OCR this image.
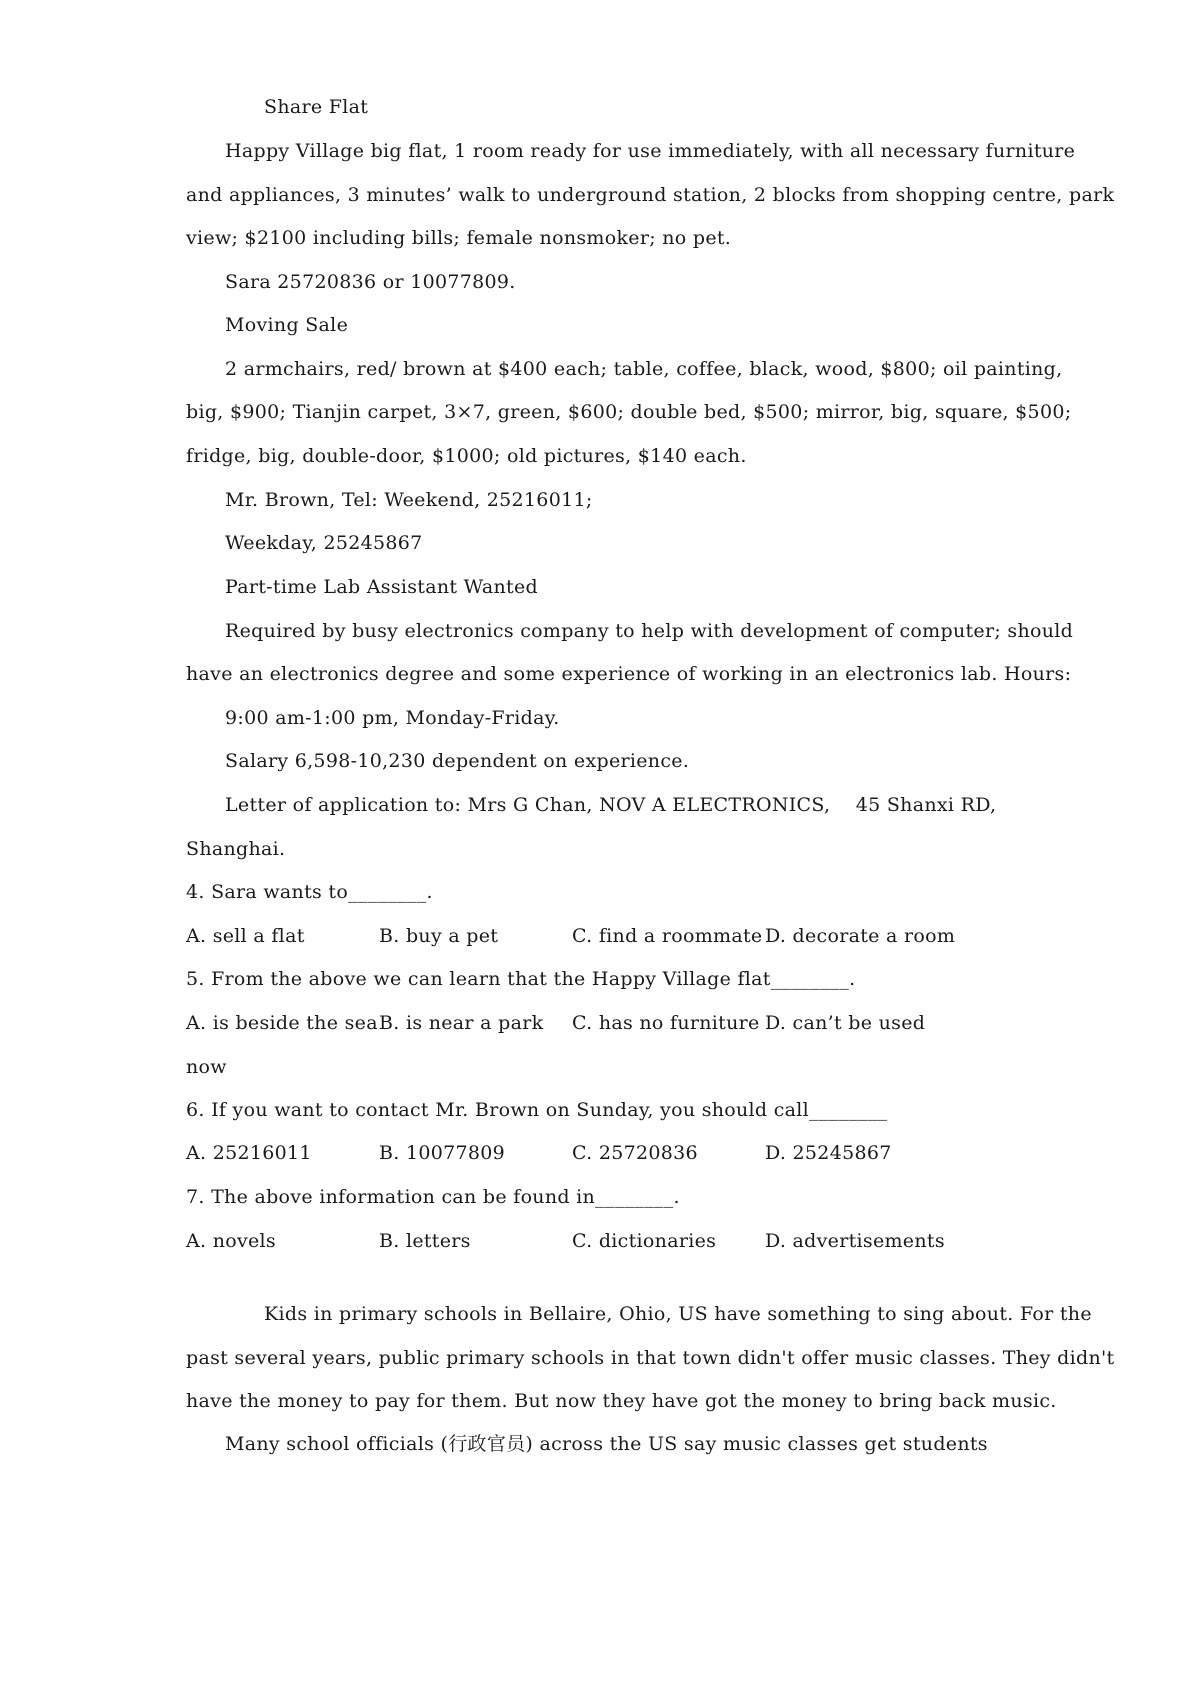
Share Flat
Happy Village big flat, 1 room ready for use immediately, with all necessary furniture
and appliances, 3 minutes’ walk to underground station, 2 blocks from shopping centre, park
view; $2100 including bills; female nonsmoker; no pet.
Sara 25720836 or 10077809.
Moving Sale
2 armchairs, red/ brown at $400 each; table, coffee, black, wood, $800; oil painting,
big, $900; Tianjin carpet, 3×7, green, $600; double bed, $500; mirror, big, square, $500;
fridge, big, double-door, $1000; old pictures, $140 each.
Mr. Brown, Tel: Weekend, 25216011;
Weekday, 25245867
Part-time Lab Assistant Wanted
Required by busy electronics company to help with development of computer; should
have an electronics degree and some experience of working in an electronics lab. Hours:
9:00 am-1:00 pm, Monday-Friday.
Salary 6,598-10,230 dependent on experience.
Letter of application to: Mrs G Chan, NOV A ELECTRONICS,    45 Shanxi RD,
Shanghai.
4. Sara wants to________.
A. sell a flat	B. buy a pet	C. find a roommate D. decorate a room
5. From the above we can learn that the Happy Village flat________.
A. is beside the sea B. is near a park C. has no furniture D. can’t be used
now
6. If you want to contact Mr. Brown on Sunday, you should call________
A. 25216011	B. 10077809	C. 25720836	D. 25245867
7. The above information can be found in________.
A. novels	B. letters	C. dictionaries	D. advertisements
Kids in primary schools in Bellaire, Ohio, US have something to sing about. For the
past several years, public primary schools in that town didn't offer music classes. They didn't
have the money to pay for them. But now they have got the money to bring back music.
Many school officials (行政官员) across the US say music classes get students
